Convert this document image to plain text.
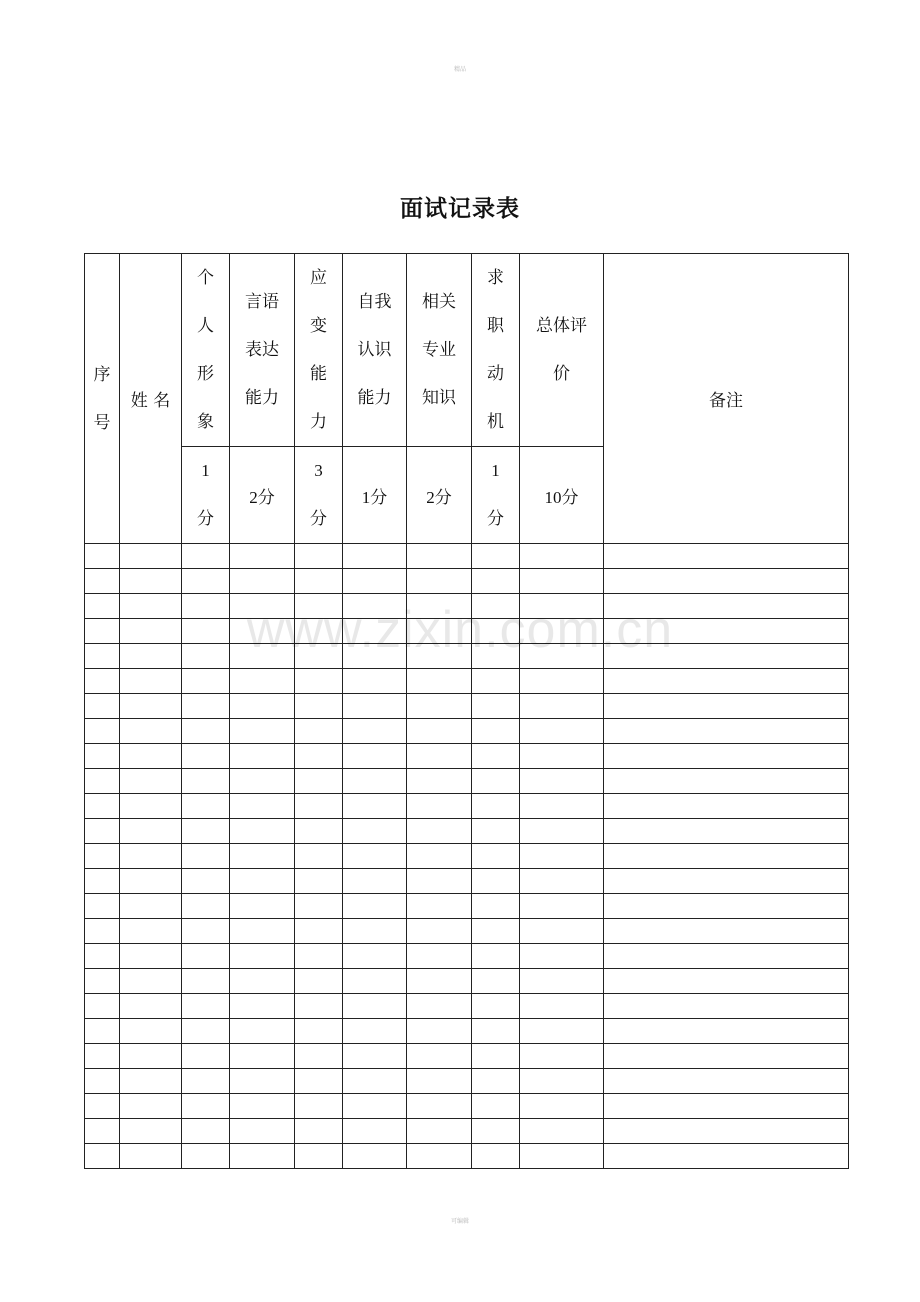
精品
面试记录表
序号	姓 名	个人形象	言语表达能力	应变能力	自我认识能力	相关专业知识	求职动机	总体评价	备注
		1分	2分	3分	1分	2分	1分	10分	

www.zixin.com.cn
可编辑
